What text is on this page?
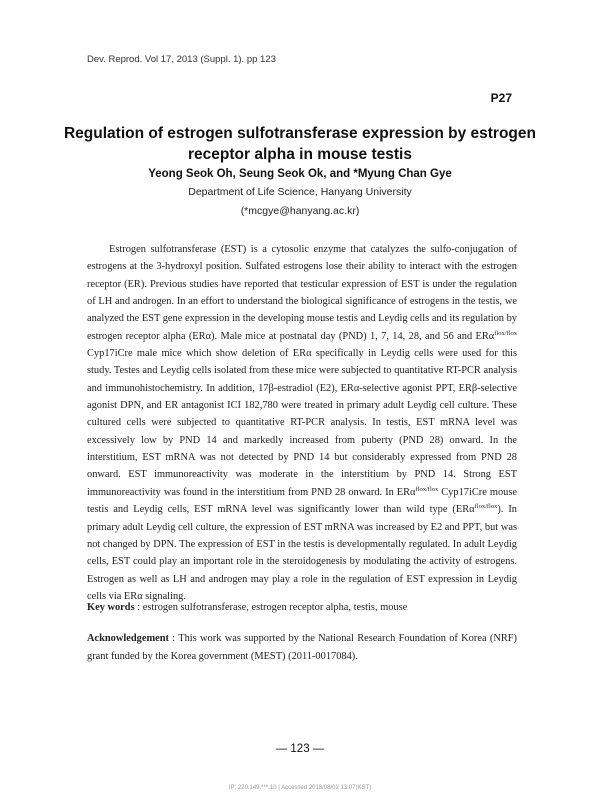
Dev. Reprod. Vol 17, 2013 (Suppl. 1). pp 123
P27
Regulation of estrogen sulfotransferase expression by estrogen receptor alpha in mouse testis
Yeong Seok Oh, Seung Seok Ok, and *Myung Chan Gye
Department of Life Science, Hanyang University
(*mcgye@hanyang.ac.kr)

Estrogen sulfotransferase (EST) is a cytosolic enzyme that catalyzes the sulfo-conjugation of estrogens at the 3-hydroxyl position. Sulfated estrogens lose their ability to interact with the estrogen receptor (ER). Previous studies have reported that testicular expression of EST is under the regulation of LH and androgen. In an effort to understand the biological significance of estrogens in the testis, we analyzed the EST gene expression in the developing mouse testis and Leydig cells and its regulation by estrogen receptor alpha (ERα). Male mice at postnatal day (PND) 1, 7, 14, 28, and 56 and ERα$^{flox/flox}$ Cyp17iCre male mice which show deletion of ERα specifically in Leydig cells were used for this study. Testes and Leydig cells isolated from these mice were subjected to quantitative RT-PCR analysis and immunohistochemistry. In addition, 17β-estradiol (E2), ERα-selective agonist PPT, ERβ-selective agonist DPN, and ER antagonist ICI 182,780 were treated in primary adult Leydig cell culture. These cultured cells were subjected to quantitative RT-PCR analysis. In testis, EST mRNA level was excessively low by PND 14 and markedly increased from puberty (PND 28) onward. In the interstitium, EST mRNA was not detected by PND 14 but considerably expressed from PND 28 onward. EST immunoreactivity was moderate in the interstitium by PND 14. Strong EST immunoreactivity was found in the interstitium from PND 28 onward. In ERα$^{flox/flox}$ Cyp17iCre mouse testis and Leydig cells, EST mRNA level was significantly lower than wild type (ERα$^{flox/flox}$). In primary adult Leydig cell culture, the expression of EST mRNA was increased by E2 and PPT, but was not changed by DPN. The expression of EST in the testis is developmentally regulated. In adult Leydig cells, EST could play an important role in the steroidogenesis by modulating the activity of estrogens. Estrogen as well as LH and androgen may play a role in the regulation of EST expression in Leydig cells via ERα signaling.

Key words : estrogen sulfotransferase, estrogen receptor alpha, testis, mouse

Acknowledgement : This work was supported by the National Research Foundation of Korea (NRF) grant funded by the Korea government (MEST) (2011-0017084).

— 123 —
IP: 220.149.***.10 | Accessed 2018/08/02 13:07(KST)
